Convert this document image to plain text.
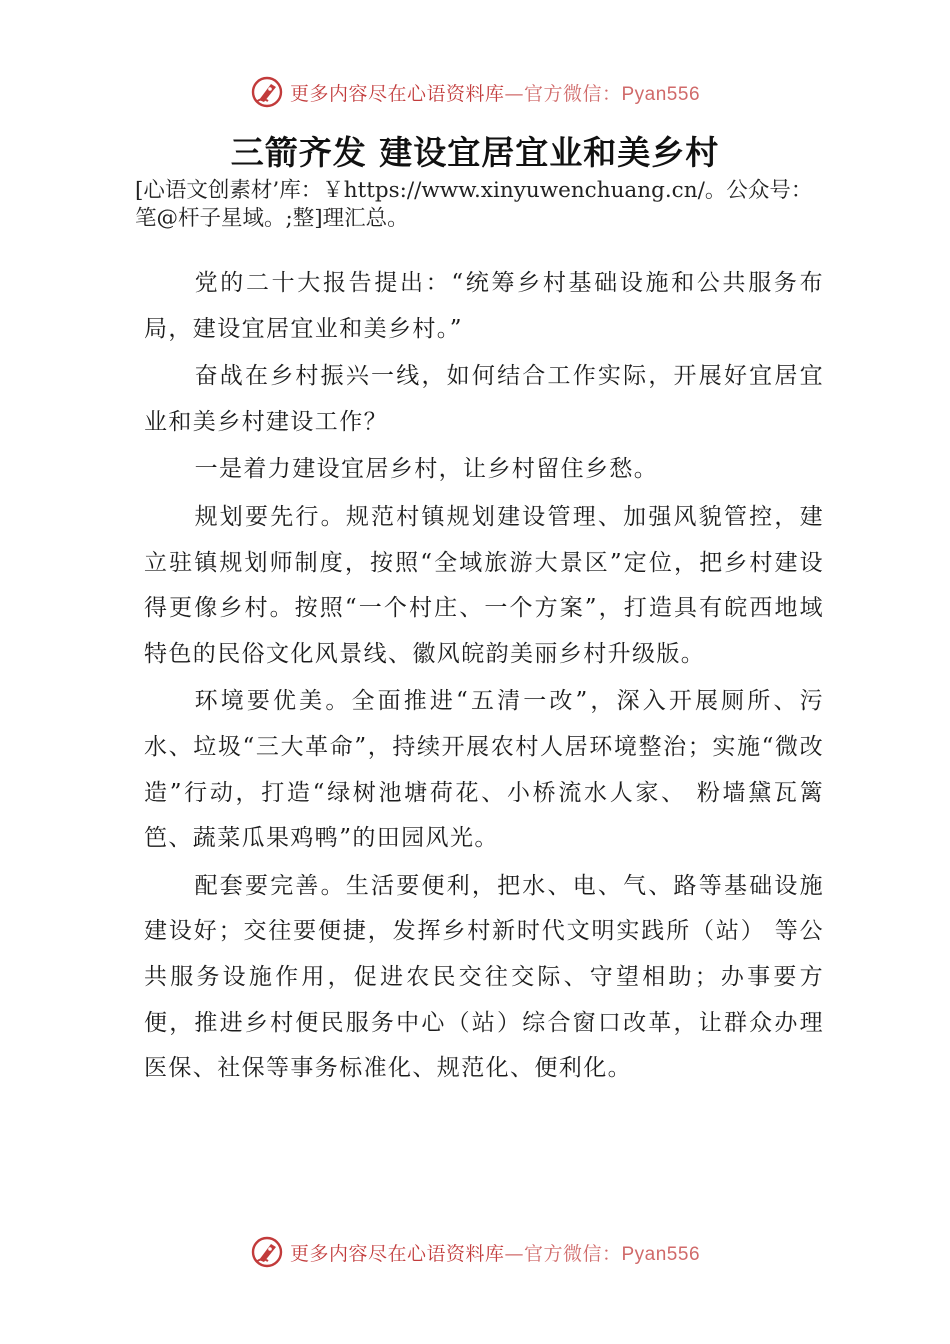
更多内容尽在心语资料库—官方微信：Pyan556
三箭齐发 建设宜居宜业和美乡村

[心语文创素材’库：￥https://www.xinyuwenchuang.cn/。公众号：笔@杆子星域。;整]理汇总。

党的二十大报告提出：“统筹乡村基础设施和公共服务布局，建设宜居宜业和美乡村。”

奋战在乡村振兴一线，如何结合工作实际，开展好宜居宜业和美乡村建设工作？

一是着力建设宜居乡村，让乡村留住乡愁。

规划要先行。规范村镇规划建设管理、加强风貌管控，建立驻镇规划师制度，按照“全域旅游大景区”定位，把乡村建设得更像乡村。按照“一个村庄、一个方案”，打造具有皖西地域特色的民俗文化风景线、徽风皖韵美丽乡村升级版。

环境要优美。全面推进“五清一改”，深入开展厕所、污水、垃圾“三大革命”，持续开展农村人居环境整治；实施“微改造”行动，打造“绿树池塘荷花、小桥流水人家、 粉墙黛瓦篱笆、蔬菜瓜果鸡鸭”的田园风光。

配套要完善。生活要便利，把水、电、气、路等基础设施建设好；交往要便捷，发挥乡村新时代文明实践所（站） 等公共服务设施作用，促进农民交往交际、守望相助；办事要方便，推进乡村便民服务中心（站）综合窗口改革，让群众办理医保、社保等事务标准化、规范化、便利化。

更多内容尽在心语资料库—官方微信：Pyan556
